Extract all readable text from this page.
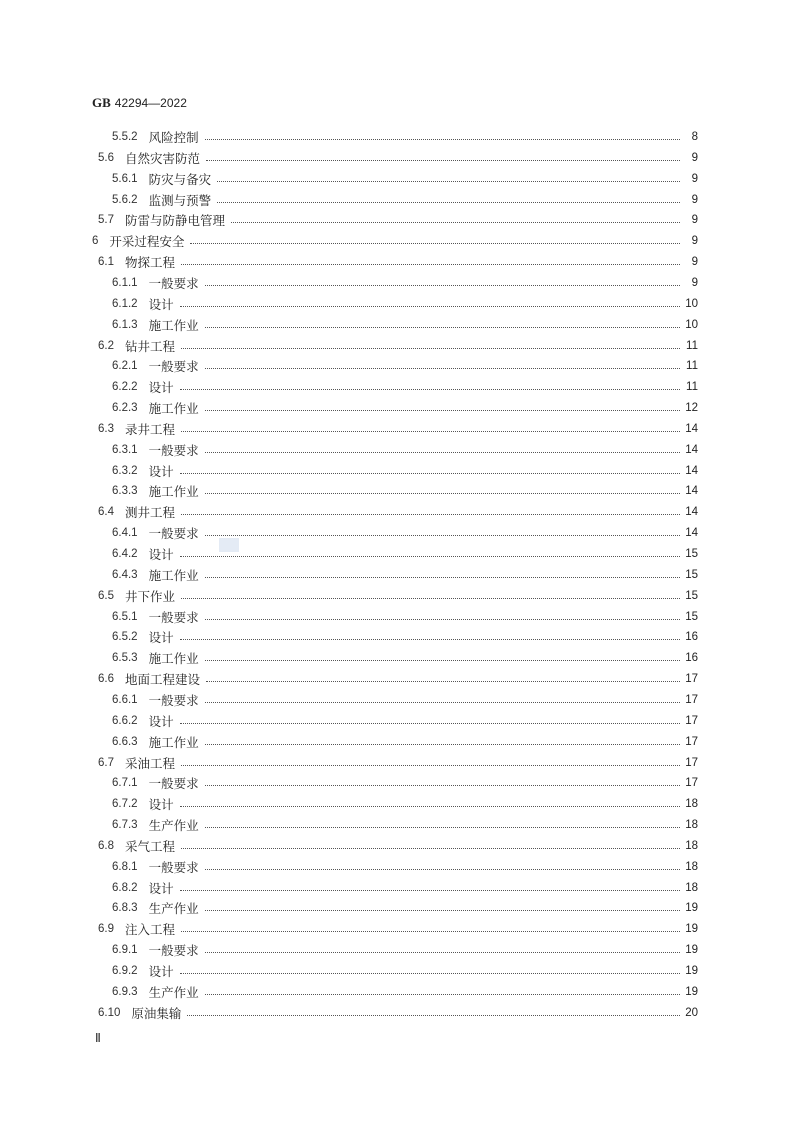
GB 42294—2022
5.5.2 风险控制	8
5.6 自然灾害防范	9
5.6.1 防灾与备灾	9
5.6.2 监测与预警	9
5.7 防雷与防静电管理	9
6 开采过程安全	9
6.1 物探工程	9
6.1.1 一般要求	9
6.1.2 设计	10
6.1.3 施工作业	10
6.2 钻井工程	11
6.2.1 一般要求	11
6.2.2 设计	11
6.2.3 施工作业	12
6.3 录井工程	14
6.3.1 一般要求	14
6.3.2 设计	14
6.3.3 施工作业	14
6.4 测井工程	14
6.4.1 一般要求	14
6.4.2 设计	15
6.4.3 施工作业	15
6.5 井下作业	15
6.5.1 一般要求	15
6.5.2 设计	16
6.5.3 施工作业	16
6.6 地面工程建设	17
6.6.1 一般要求	17
6.6.2 设计	17
6.6.3 施工作业	17
6.7 采油工程	17
6.7.1 一般要求	17
6.7.2 设计	18
6.7.3 生产作业	18
6.8 采气工程	18
6.8.1 一般要求	18
6.8.2 设计	18
6.8.3 生产作业	19
6.9 注入工程	19
6.9.1 一般要求	19
6.9.2 设计	19
6.9.3 生产作业	19
6.10 原油集输	20
Ⅱ
